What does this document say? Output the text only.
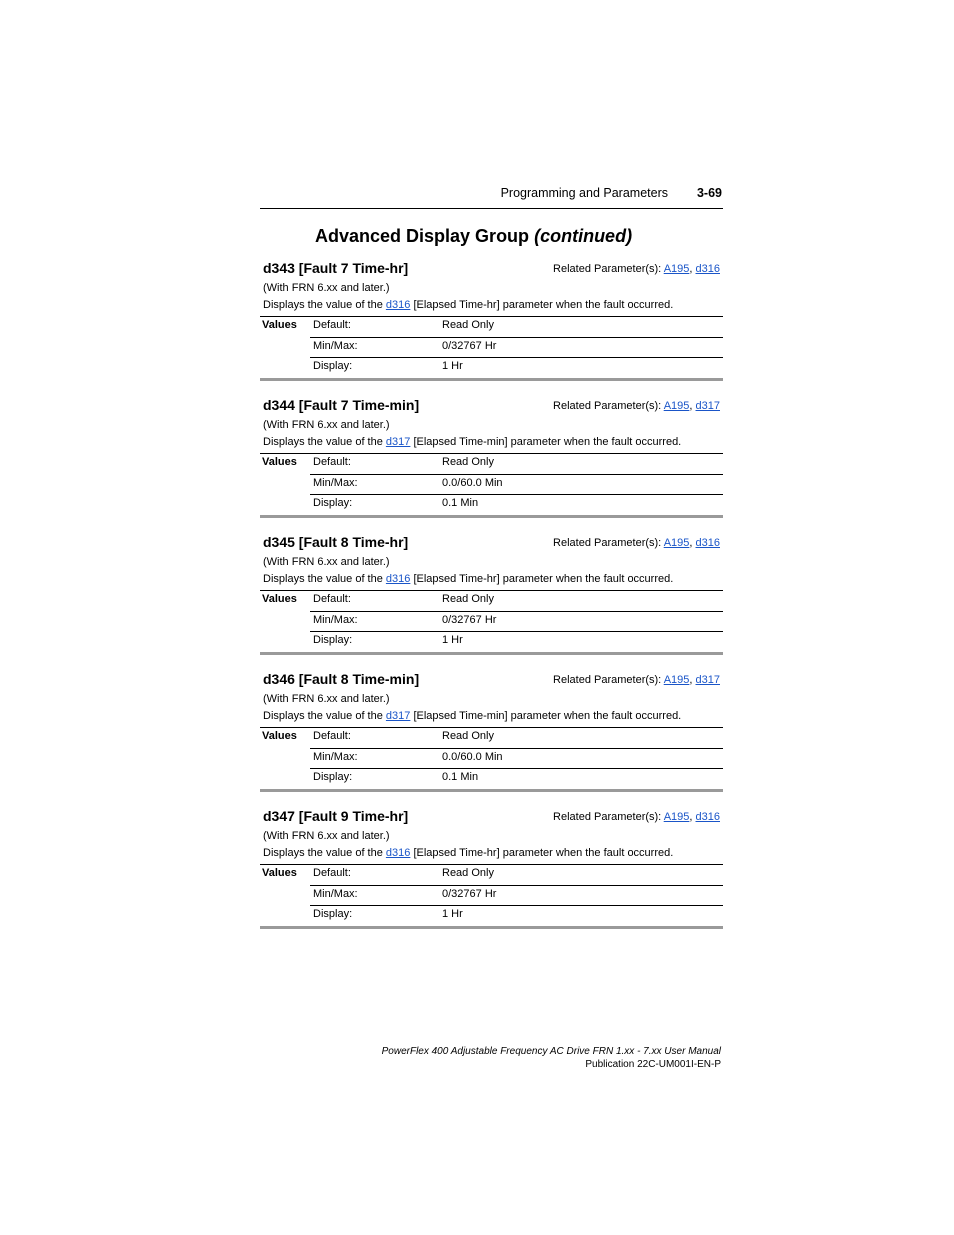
Programming and Parameters 3-69
Advanced Display Group (continued)
d343 [Fault 7 Time-hr]	Related Parameter(s): A195, d316
(With FRN 6.xx and later.)
Displays the value of the d316 [Elapsed Time-hr] parameter when the fault occurred.
Values Default:	Read Only
Min/Max:	0/32767 Hr
Display:	1 Hr
d344 [Fault 7 Time-min]	Related Parameter(s): A195, d317
(With FRN 6.xx and later.)
Displays the value of the d317 [Elapsed Time-min] parameter when the fault occurred.
Values Default:	Read Only
Min/Max:	0.0/60.0 Min
Display:	0.1 Min
d345 [Fault 8 Time-hr]	Related Parameter(s): A195, d316
(With FRN 6.xx and later.)
Displays the value of the d316 [Elapsed Time-hr] parameter when the fault occurred.
Values Default:	Read Only
Min/Max:	0/32767 Hr
Display:	1 Hr
d346 [Fault 8 Time-min]	Related Parameter(s): A195, d317
(With FRN 6.xx and later.)
Displays the value of the d317 [Elapsed Time-min] parameter when the fault occurred.
Values Default:	Read Only
Min/Max:	0.0/60.0 Min
Display:	0.1 Min
d347 [Fault 9 Time-hr]	Related Parameter(s): A195, d316
(With FRN 6.xx and later.)
Displays the value of the d316 [Elapsed Time-hr] parameter when the fault occurred.
Values Default:	Read Only
Min/Max:	0/32767 Hr
Display:	1 Hr
PowerFlex 400 Adjustable Frequency AC Drive FRN 1.xx - 7.xx User Manual
Publication 22C-UM001I-EN-P
